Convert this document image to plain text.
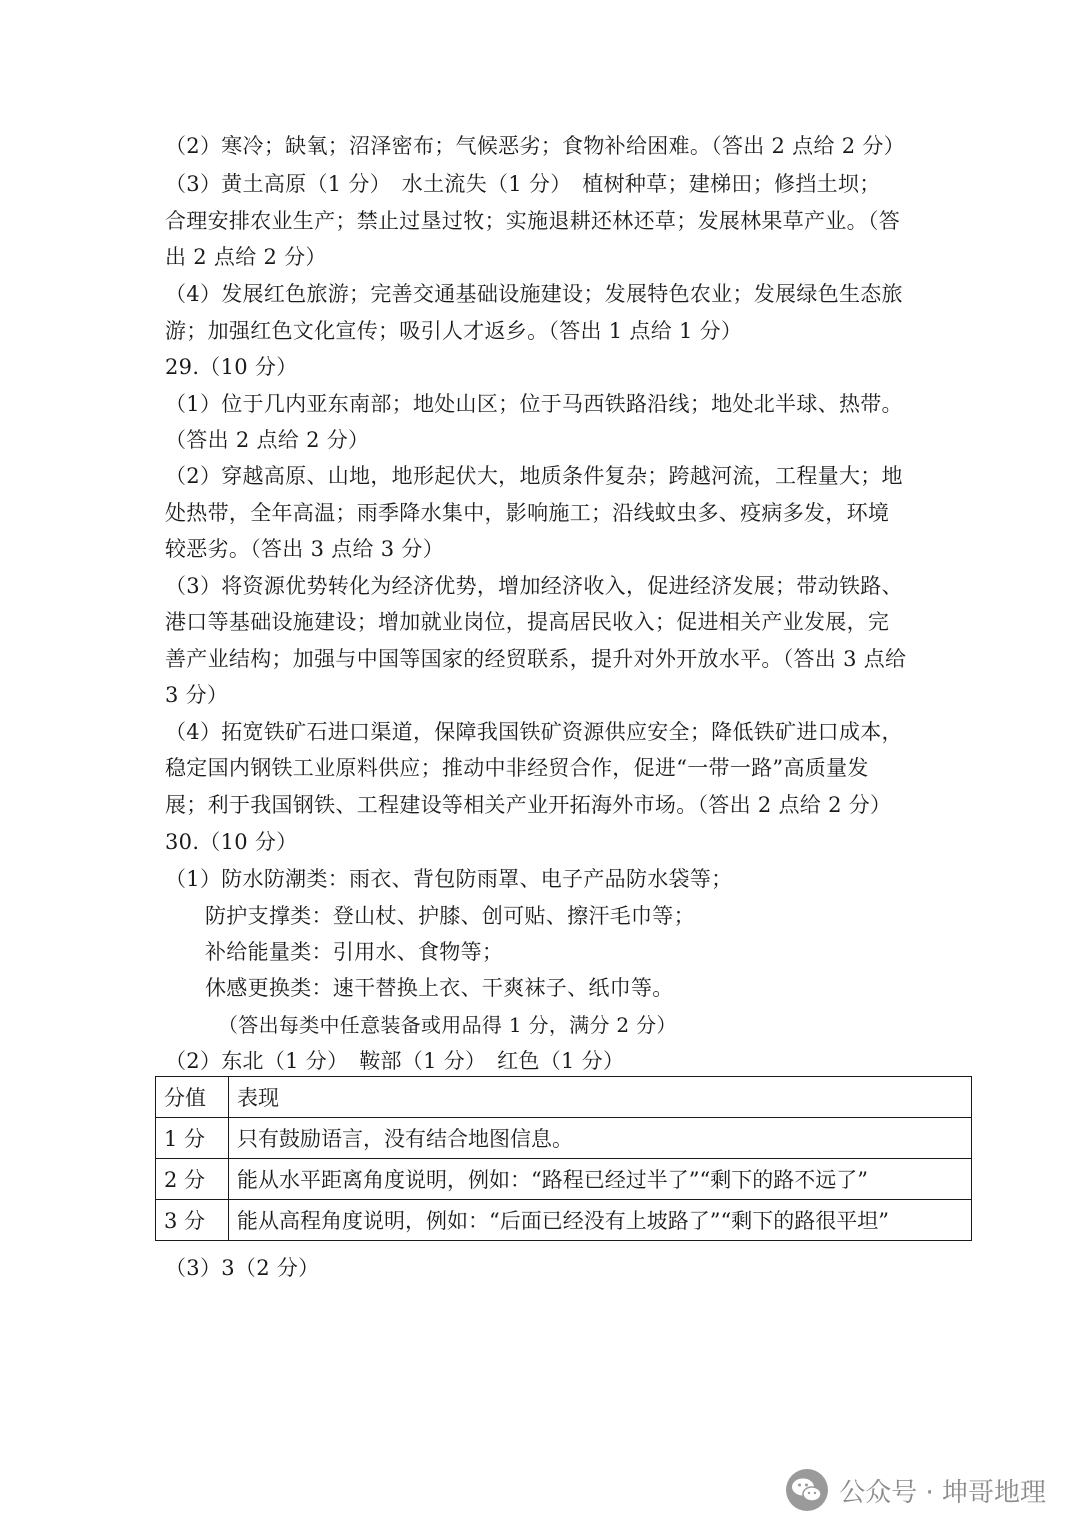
（2）寒冷；缺氧；沼泽密布；气候恶劣；食物补给困难。（答出 2 点给 2 分）
（3）黄土高原（1 分）　水土流失（1 分）　植树种草；建梯田；修挡土坝；
合理安排农业生产；禁止过垦过牧；实施退耕还林还草；发展林果草产业。（答
出 2 点给 2 分）
（4）发展红色旅游；完善交通基础设施建设；发展特色农业；发展绿色生态旅
游；加强红色文化宣传；吸引人才返乡。（答出 1 点给 1 分）
29.（10 分）
（1）位于几内亚东南部；地处山区；位于马西铁路沿线；地处北半球、热带。
（答出 2 点给 2 分）
（2）穿越高原、山地，地形起伏大，地质条件复杂；跨越河流，工程量大；地
处热带，全年高温；雨季降水集中，影响施工；沿线蚊虫多、疫病多发，环境
较恶劣。（答出 3 点给 3 分）
（3）将资源优势转化为经济优势，增加经济收入，促进经济发展；带动铁路、
港口等基础设施建设；增加就业岗位，提高居民收入；促进相关产业发展，完
善产业结构；加强与中国等国家的经贸联系，提升对外开放水平。（答出 3 点给
3 分）
（4）拓宽铁矿石进口渠道，保障我国铁矿资源供应安全；降低铁矿进口成本，
稳定国内钢铁工业原料供应；推动中非经贸合作，促进“一带一路”高质量发
展；利于我国钢铁、工程建设等相关产业开拓海外市场。（答出 2 点给 2 分）
30.（10 分）
（1）防水防潮类：雨衣、背包防雨罩、电子产品防水袋等；
防护支撑类：登山杖、护膝、创可贴、擦汗毛巾等；
补给能量类：引用水、食物等；
休感更换类：速干替换上衣、干爽袜子、纸巾等。
（答出每类中任意装备或用品得 1 分，满分 2 分）
（2）东北（1 分）　鞍部（1 分）　红色（1 分）
分值	表现
1 分	只有鼓励语言，没有结合地图信息。
2 分	能从水平距离角度说明，例如：“路程已经过半了”“剩下的路不远了”
3 分	能从高程角度说明，例如：“后面已经没有上坡路了”“剩下的路很平坦”
（3）3（2 分）
公众号 · 坤哥地理
